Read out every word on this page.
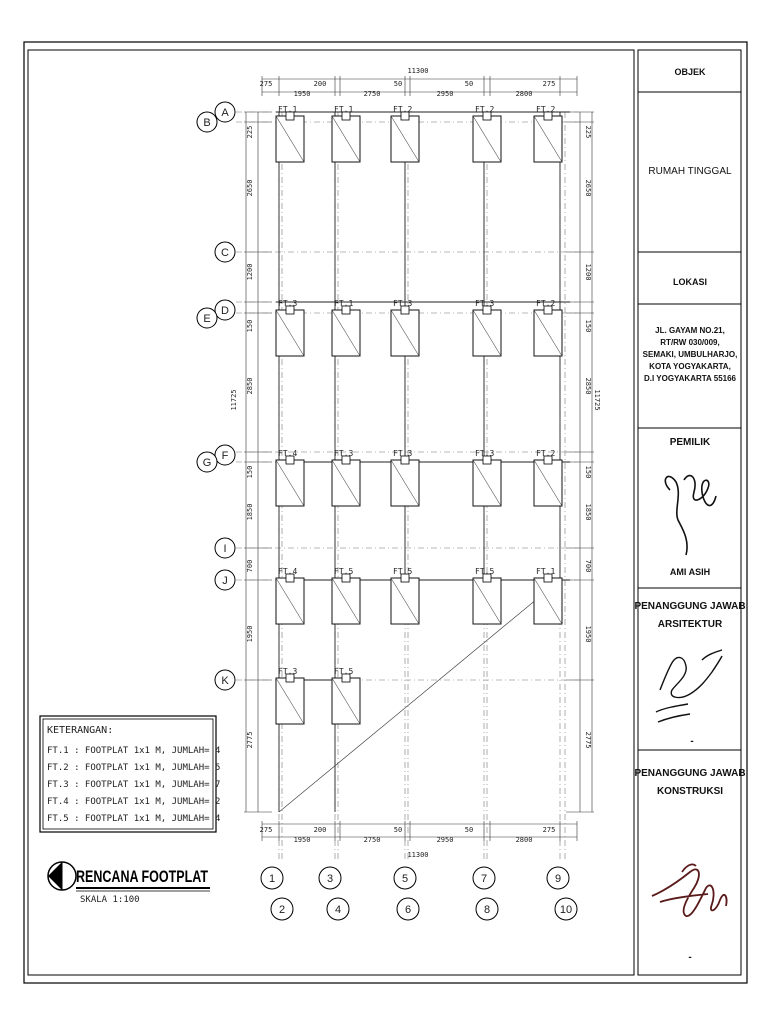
OBJEK
RUMAH TINGGAL
LOKASI
JL. GAYAM NO.21,
RT/RW 030/009,
SEMAKI, UMBULHARJO,
KOTA YOGYAKARTA,
D.I YOGYAKARTA 55166
PEMILIK
AMI ASIH
PENANGGUNG JAWAB
ARSITEKTUR
-
PENANGGUNG JAWAB
KONSTRUKSI
-
275
1950
200
2750
50
2950
50
2800
275
275
1950
200
2750
50
2950
50
2800
275
225
2650
1200
150
2850
150
1850
700
1950
2775
225
2650
1200
150
2850
150
1850
700
1950
2775
A
B
C
D
E
F
G
I
J
K
1
2
3
4
5
6
7
8
9
10
FT.1	FT.1	FT.2	FT.2	FT.2
FT.3	FT.1	FT.3	FT.3	FT.2
FT.4	FT.3	FT.3	FT.3	FT.2
FT.4	FT.5	FT.5	FT.5	FT.1
FT.3	FT.5
11300
11300
11725	11725
KETERANGAN:
FT.1 : FOOTPLAT 1x1 M, JUMLAH= 4
FT.2 : FOOTPLAT 1x1 M, JUMLAH= 5
FT.3 : FOOTPLAT 1x1 M, JUMLAH= 7
FT.4 : FOOTPLAT 1x1 M, JUMLAH= 2
FT.5 : FOOTPLAT 1x1 M, JUMLAH= 4
RENCANA FOOTPLAT
SKALA 1:100
